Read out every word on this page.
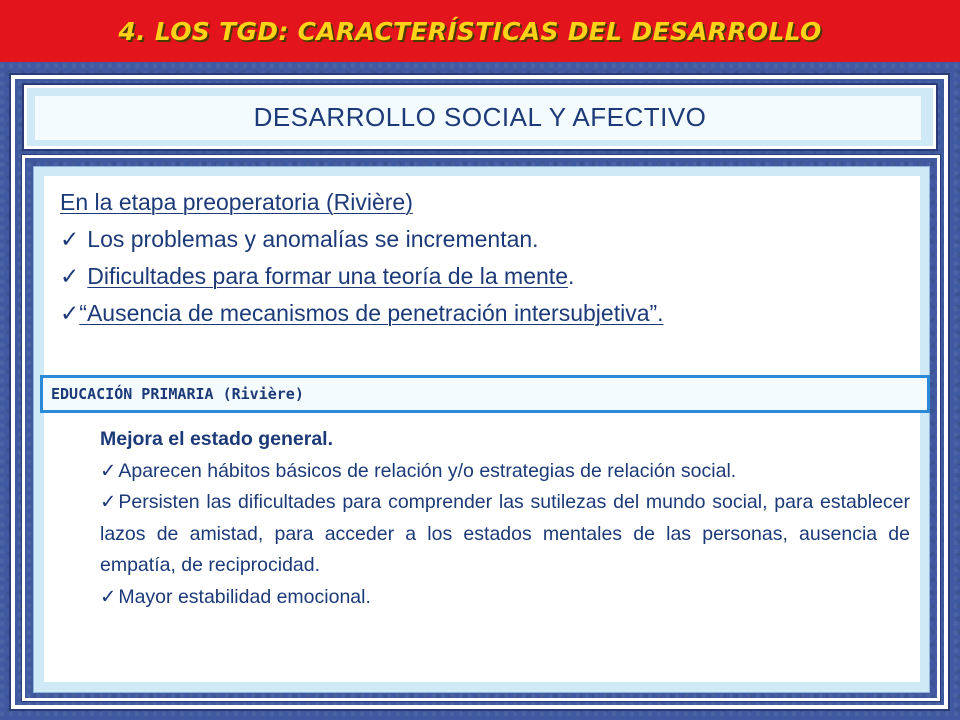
4. LOS TGD: CARACTERÍSTICAS DEL DESARROLLO
DESARROLLO SOCIAL Y AFECTIVO
En la etapa preoperatoria (Rivière)
✓ Los problemas y anomalías se incrementan.
✓ Dificultades para formar una teoría de la mente.
✓“Ausencia de mecanismos de penetración intersubjetiva”.
EDUCACIÓN PRIMARIA (Rivière)
Mejora el estado general.
✓ Aparecen hábitos básicos de relación y/o estrategias de relación social.
✓ Persisten las dificultades para comprender las sutilezas del mundo social, para establecer lazos de amistad, para acceder a los estados mentales de las personas, ausencia de empatía, de reciprocidad.
✓ Mayor estabilidad emocional.
